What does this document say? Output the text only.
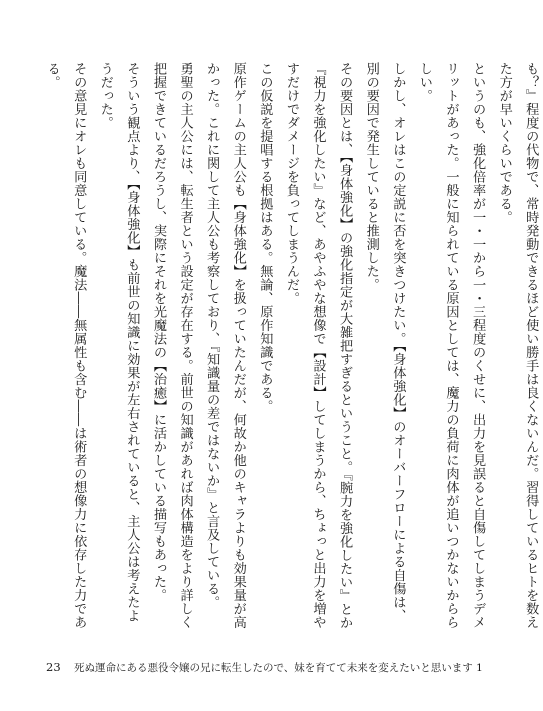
も？』程度の代物で、常時発動できるほど使い勝手は良くないんだ。習得しているヒトを数えた方が早いくらいである。

というのも、強化倍率が一・一から一・三程度のくせに、出力を見誤ると自傷してしまうデメリットがあった。一般に知られている原因としては、魔力の負荷に肉体が追いつかないかららしい。

しかし、オレはこの定説に否を突きつけたい。【身体強化】のオーバーフローによる自傷は、別の要因で発生していると推測した。

その要因とは、【身体強化】の強化指定が大雑把すぎるということ。『腕力を強化したい』とか『視力を強化したい』など、あやふやな想像で【設計】してしまうから、ちょっと出力を増やすだけでダメージを負ってしまうんだ。

この仮説を提唱する根拠はある。無論、原作知識である。

原作ゲームの主人公も【身体強化】を扱っていたんだが、何故か他のキャラよりも効果量が高かった。これに関して主人公も考察しており、『知識量の差ではないか』と言及している。

勇聖の主人公には、転生者という設定が存在する。前世の知識があれば肉体構造をより詳しく把握できているだろうし、実際にそれを光魔法の【治癒】に活かしている描写もあった。

そういう観点より、【身体強化】も前世の知識に効果が左右されていると、主人公は考えたようだった。

その意見にオレも同意している。魔法――無属性も含む――は術者の想像力に依存した力である。

23 死ぬ運命にある悪役令嬢の兄に転生したので、妹を育てて未来を変えたいと思います 1
